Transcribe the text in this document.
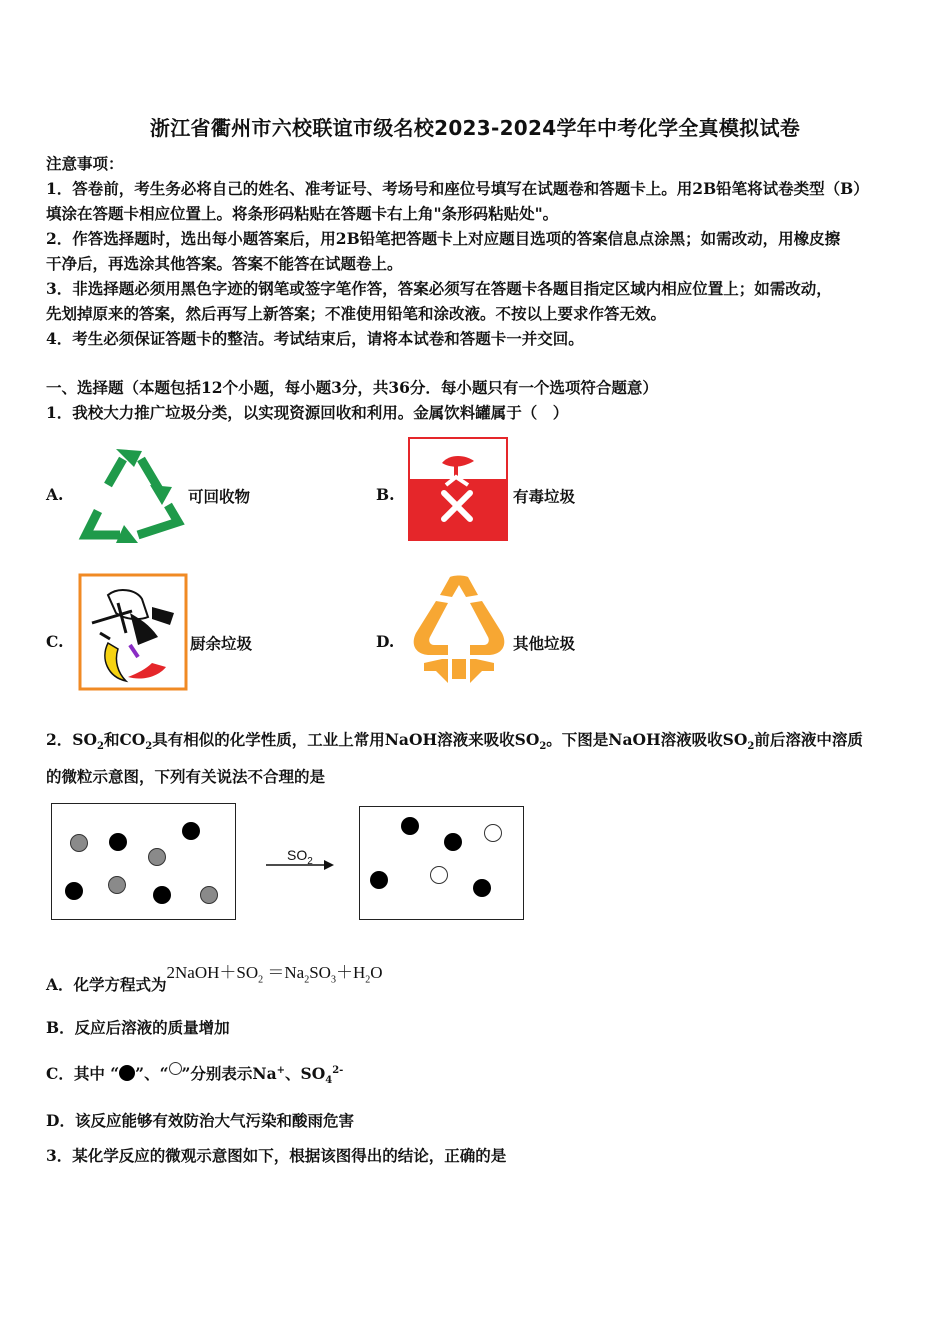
浙江省衢州市六校联谊市级名校2023-2024学年中考化学全真模拟试卷
注意事项：
1．答卷前，考生务必将自己的姓名、准考证号、考场号和座位号填写在试题卷和答题卡上。用2B铅笔将试卷类型（B）
填涂在答题卡相应位置上。将条形码粘贴在答题卡右上角"条形码粘贴处"。
2．作答选择题时，选出每小题答案后，用2B铅笔把答题卡上对应题目选项的答案信息点涂黑；如需改动，用橡皮擦
干净后，再选涂其他答案。答案不能答在试题卷上。
3．非选择题必须用黑色字迹的钢笔或签字笔作答，答案必须写在答题卡各题目指定区域内相应位置上；如需改动，
先划掉原来的答案，然后再写上新答案；不准使用铅笔和涂改液。不按以上要求作答无效。
4．考生必须保证答题卡的整洁。考试结束后，请将本试卷和答题卡一并交回。
一、选择题（本题包括12个小题，每小题3分，共36分．每小题只有一个选项符合题意）
1．我校大力推广垃圾分类，以实现资源回收和利用。金属饮料罐属于（　）
A.	可回收物	B.	有毒垃圾
C.	厨余垃圾	D.	其他垃圾
2．$SO_2$和$CO_2$具有相似的化学性质，工业上常用NaOH溶液来吸收$SO_2$。下图是NaOH溶液吸收$SO_2$前后溶液中溶质
的微粒示意图，下列有关说法不合理的是
$SO_2$
A．化学方程式为$2NaOH+SO_2 =Na_2SO_3+H_2O$
B．反应后溶液的质量增加
C．其中 “ ”、“ ”分别表示Na+、$SO_4^{2-}$
D．该反应能够有效防治大气污染和酸雨危害
3．某化学反应的微观示意图如下，根据该图得出的结论，正确的是
